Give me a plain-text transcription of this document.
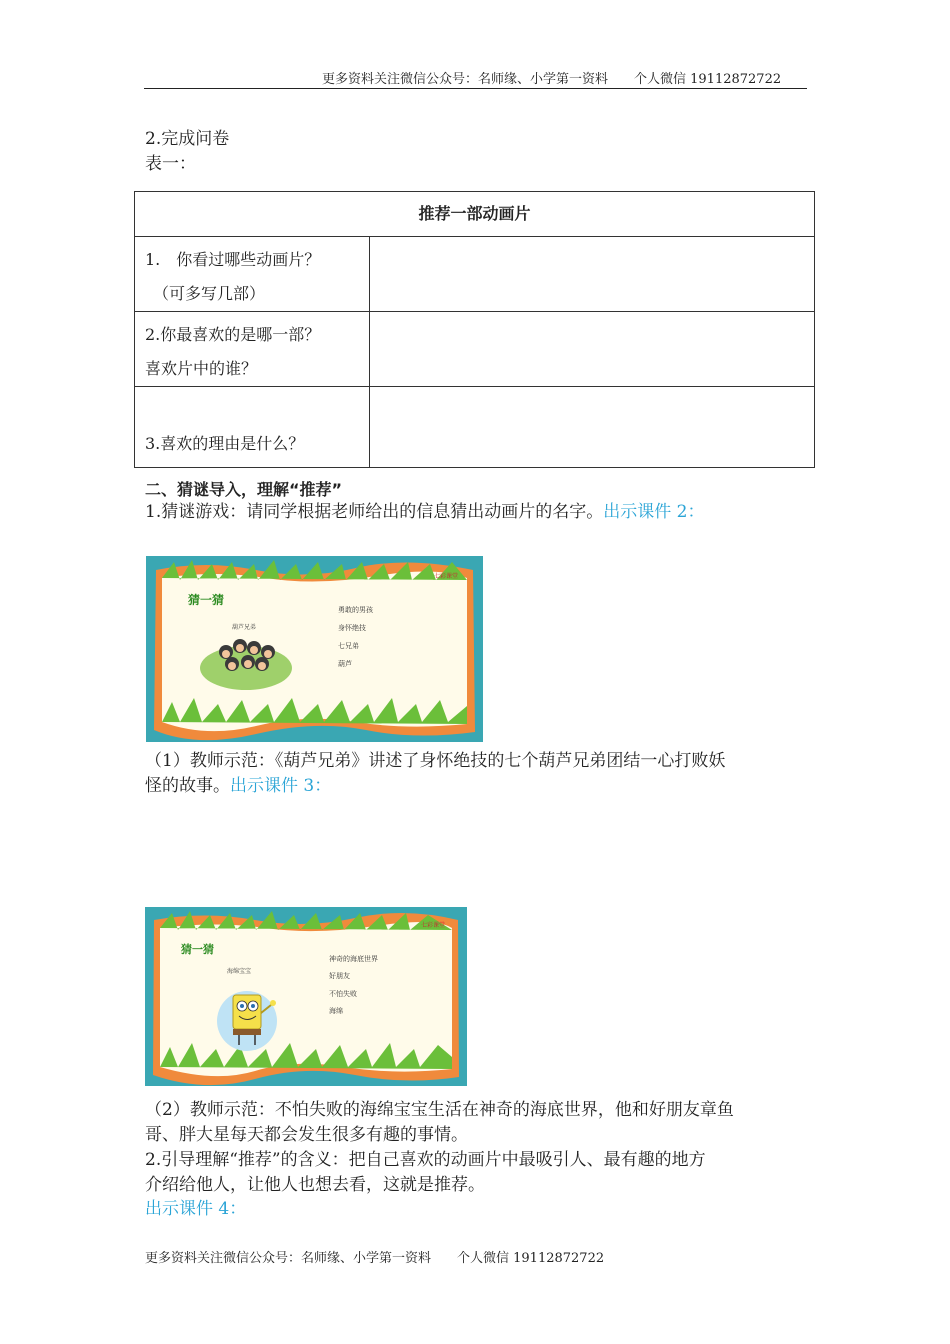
更多资料关注微信公众号：名师缘、小学第一资料　　个人微信 19112872722
2.完成问卷
表一：
推荐一部动画片	

1.　你看过哪些动画片？
　（可多写几部）	

2.你最喜欢的是哪一部？
喜欢片中的谁？	

3.喜欢的理由是什么？	

二、猜谜导入，理解“推荐”
1.猜谜游戏：请同学根据老师给出的信息猜出动画片的名字。出示课件 2：
猜一猜
七彩课堂
葫芦兄弟
勇敢的男孩
身怀绝技
七兄弟
葫芦
（1）教师示范：《葫芦兄弟》讲述了身怀绝技的七个葫芦兄弟团结一心打败妖
怪的故事。出示课件 3：
猜一猜
七彩课堂
海绵宝宝
神奇的海底世界
好朋友
不怕失败
海绵
（2）教师示范：不怕失败的海绵宝宝生活在神奇的海底世界，他和好朋友章鱼
哥、胖大星每天都会发生很多有趣的事情。
2.引导理解“推荐”的含义：把自己喜欢的动画片中最吸引人、最有趣的地方
介绍给他人，让他人也想去看，这就是推荐。
出示课件 4：
更多资料关注微信公众号：名师缘、小学第一资料　　个人微信 19112872722
